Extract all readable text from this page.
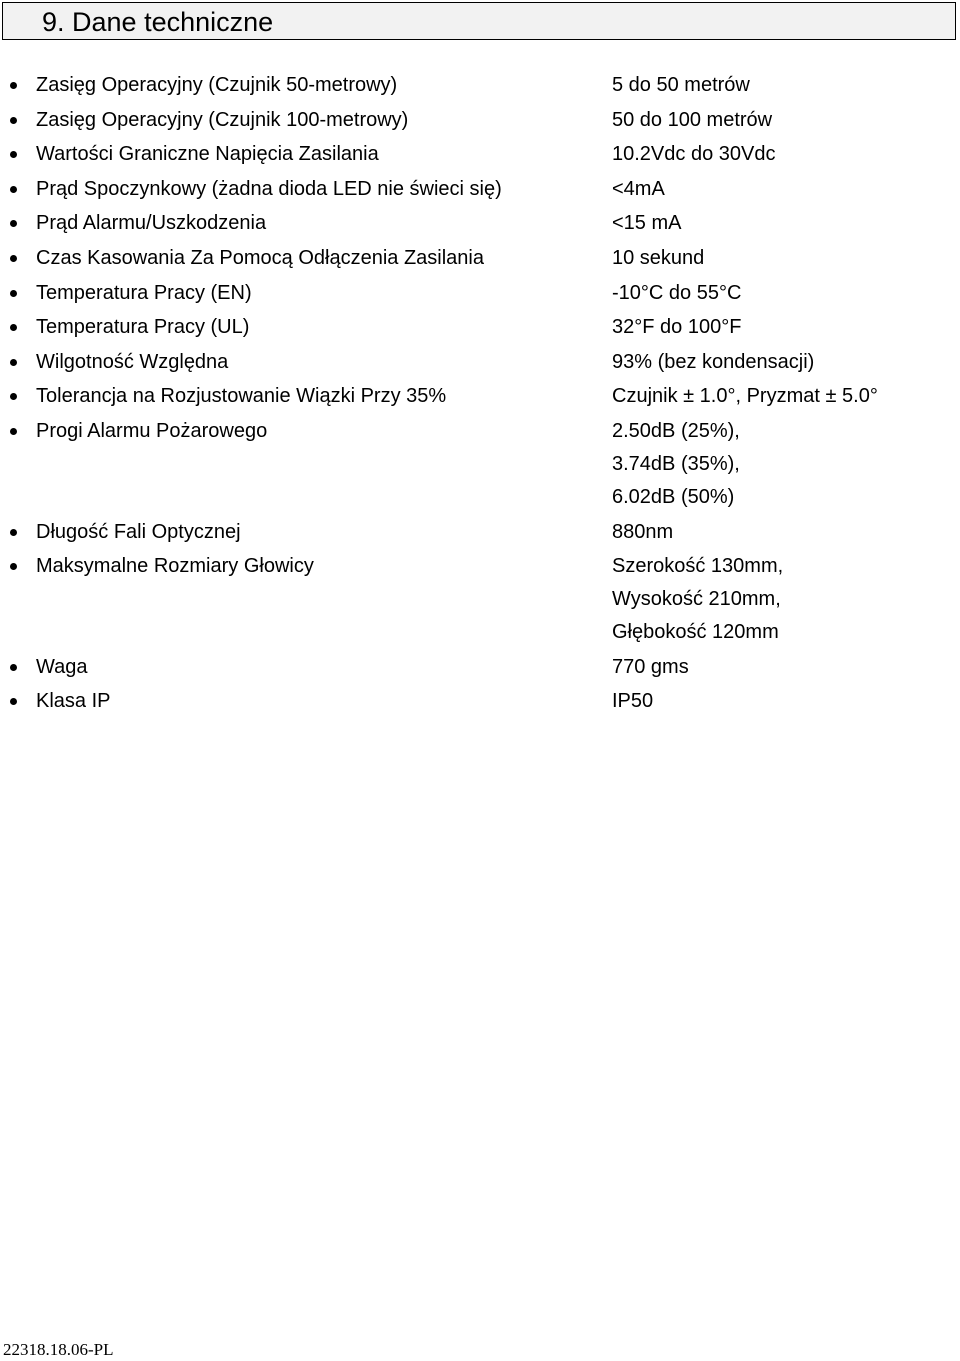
9. Dane techniczne
Zasięg Operacyjny (Czujnik 50-metrowy)	5 do 50 metrów
Zasięg Operacyjny (Czujnik 100-metrowy)	50 do 100 metrów
Wartości Graniczne Napięcia Zasilania	10.2Vdc do 30Vdc
Prąd Spoczynkowy (żadna dioda LED nie świeci się)	<4mA
Prąd Alarmu/Uszkodzenia	<15 mA
Czas Kasowania Za Pomocą Odłączenia Zasilania	10 sekund
Temperatura Pracy (EN)	-10°C do 55°C
Temperatura Pracy (UL)	32°F do 100°F
Wilgotność Względna	93% (bez kondensacji)
Tolerancja na Rozjustowanie Wiązki Przy 35%	Czujnik ± 1.0°, Pryzmat ± 5.0°
Progi Alarmu Pożarowego	2.50dB (25%),
3.74dB (35%),
6.02dB (50%)
Długość Fali Optycznej	880nm
Maksymalne Rozmiary Głowicy	Szerokość 130mm,
Wysokość 210mm,
Głębokość 120mm
Waga	770 gms
Klasa IP	IP50
22318.18.06-PL
